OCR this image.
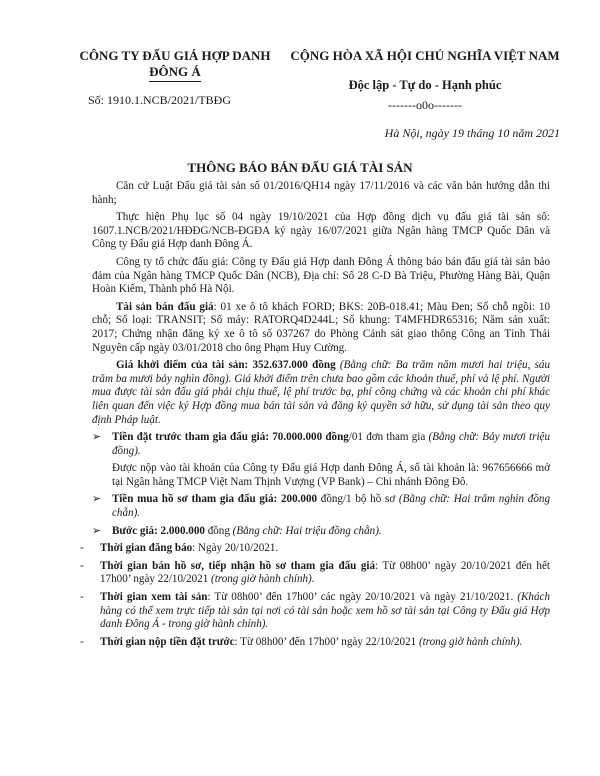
CÔNG TY ĐẤU GIÁ HỢP DANH
ĐÔNG Á
Số: 1910.1.NCB/2021/TBĐG
CỘNG HÒA XÃ HỘI CHỦ NGHĨA VIỆT NAM
Độc lập - Tự do - Hạnh phúc
-------o0o-------
Hà Nội, ngày 19 tháng 10 năm 2021
THÔNG BÁO BÁN ĐẤU GIÁ TÀI SẢN

Căn cứ Luật Đấu giá tài sản số 01/2016/QH14 ngày 17/11/2016 và các văn bản hướng dẫn thi hành;

Thực hiện Phụ lục số 04 ngày 19/10/2021 của Hợp đồng dịch vụ đấu giá tài sản số: 1607.1.NCB/2021/HĐĐG/NCB-ĐGĐA ký ngày 16/07/2021 giữa Ngân hàng TMCP Quốc Dân và Công ty Đấu giá Hợp danh Đông Á.

Công ty tổ chức đấu giá: Công ty Đấu giá Hợp danh Đông Á thông báo bán đấu giá tài sản bảo đảm của Ngân hàng TMCP Quốc Dân (NCB), Địa chỉ: Số 28 C-D Bà Triệu, Phường Hàng Bài, Quận Hoàn Kiếm, Thành phố Hà Nội.

Tài sản bán đấu giá: 01 xe ô tô khách FORD; BKS: 20B-018.41; Màu Đen; Số chỗ ngồi: 10 chỗ; Số loại: TRANSIT; Số máy: RATORQ4D244L; Số khung: T4MFHDR65316; Năm sản xuất: 2017; Chứng nhận đăng ký xe ô tô số 037267 do Phòng Cảnh sát giao thông Công an Tỉnh Thái Nguyên cấp ngày 03/01/2018 cho ông Phạm Huy Cường.

Giá khởi điểm của tài sản: 352.637.000 đồng (Bằng chữ: Ba trăm năm mươi hai triệu, sáu trăm ba mươi bảy nghìn đồng). Giá khởi điểm trên chưa bao gồm các khoản thuế, phí và lệ phí. Người mua được tài sản đấu giá phải chịu thuế, lệ phí trước bạ, phí công chứng và các khoản chi phí khác liên quan đến việc ký Hợp đồng mua bán tài sản và đăng ký quyền sở hữu, sử dụng tài sản theo quy định Pháp luật.

➢ Tiền đặt trước tham gia đấu giá: 70.000.000 đồng/01 đơn tham gia (Bằng chữ: Bảy mươi triệu đồng).

Được nộp vào tài khoản của Công ty Đấu giá Hợp danh Đông Á, số tài khoản là: 967656666 mở tại Ngân hàng TMCP Việt Nam Thịnh Vượng (VP Bank) – Chi nhánh Đông Đô.

➢ Tiền mua hồ sơ tham gia đấu giá: 200.000 đồng/1 bộ hồ sơ (Bằng chữ: Hai trăm nghìn đồng chẵn).
➢ Bước giá: 2.000.000 đồng (Bằng chữ: Hai triệu đồng chẵn).
-	Thời gian đăng báo: Ngày 20/10/2021.
-	Thời gian bán hồ sơ, tiếp nhận hồ sơ tham gia đấu giá: Từ 08h00’ ngày 20/10/2021 đến hết 17h00’ ngày 22/10/2021 (trong giờ hành chính).
-	Thời gian xem tài sản: Từ 08h00’ đến 17h00’ các ngày 20/10/2021 và ngày 21/10/2021. (Khách hàng có thể xem trực tiếp tài sản tại nơi có tài sản hoặc xem hồ sơ tài sản tại Công ty Đấu giá Hợp danh Đông Á - trong giờ hành chính).
-	Thời gian nộp tiền đặt trước: Từ 08h00’ đến 17h00’ ngày 22/10/2021 (trong giờ hành chính).
